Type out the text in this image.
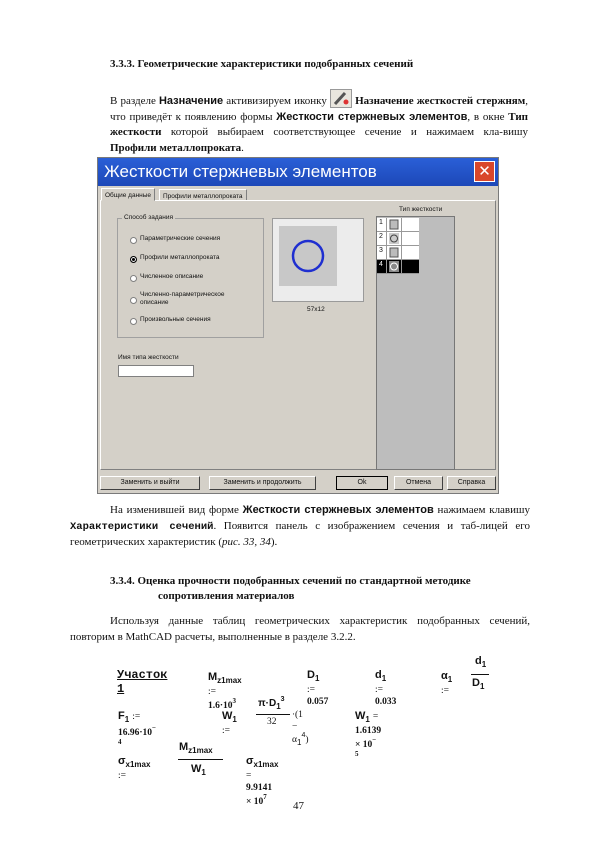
3.3.3. Геометрические характеристики подобранных сечений
В разделе Назначение активизируем иконку
Назначение жесткостей стержням, что приведёт к появлению формы Жесткости стержневых элементов, в окне Тип жесткости которой выбираем соответствующее сечение и нажимаем кла-вишу Профили металлопроката.
Жесткости стержневых элементов	✕
Общие данные	Профили металлопроката
Способ задания
Параметрические сечения
Профили металлопроката
Численное описание
Численно-параметрическое описание
Произвольные сечения
Имя типа жесткости
57x12
Тип жесткости
1
2
3
4
Заменить и выйти	Заменить и продолжить	Ok	Отмена	Справка
На изменившей вид форме Жесткости стержневых элементов нажимаем клавишу Характеристики сечений. Появится панель с изображением сечения и таб-лицей его геометрических характеристик (рис. 33, 34).
3.3.4. Оценка прочности подобранных сечений по стандартной методике
сопротивления материалов
Используя данные таблиц геометрических характеристик подобранных сечений, повторим в MathCAD расчеты, выполненные в разделе 3.2.2.
Участок 1
$M_{z1max}$ := $1.6\cdot 10^3$
$D_1$ := 0.057
$d_1$ := 0.033
$\alpha_1$ :=
$d_1$
$D_1$
$F_1$ := $16.96\cdot 10^{- 4}$
$W_1$ :=
$\pi\cdot D_1^3$
32
$\cdot(1 - \alpha_1^4)$
$W_1 = 1.6139 \times 10^{- 5}$
$\sigma_{x1max}$ :=
$M_{z1max}$
$W_1$
$\sigma_{x1max} = 9.9141 \times 10^7$
47
